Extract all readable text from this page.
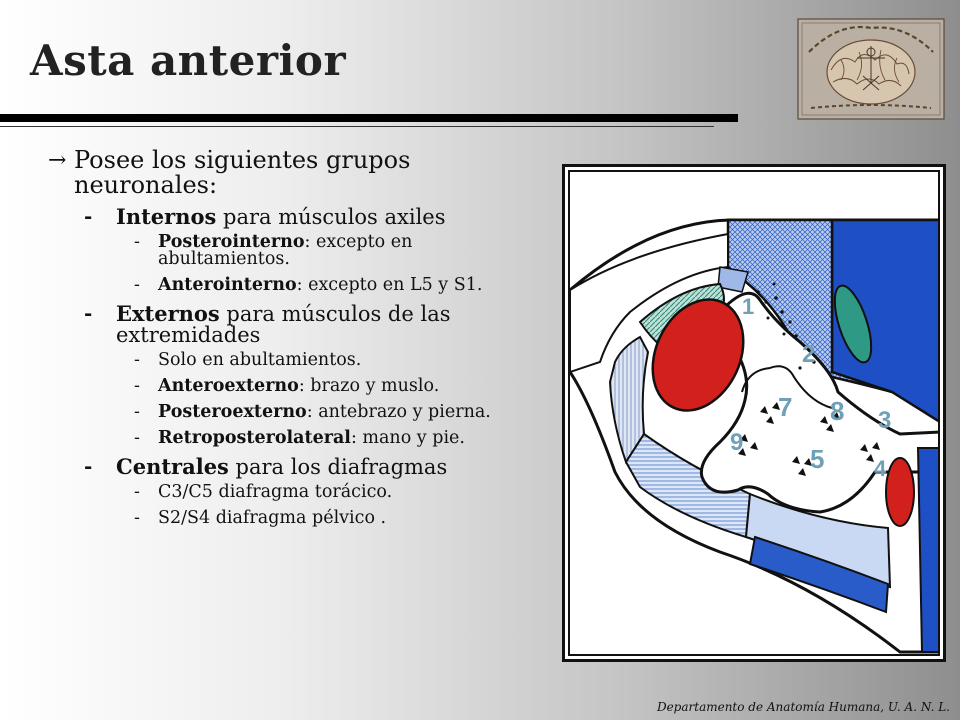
Asta anterior
→ Posee los siguientes grupos neuronales:
- Internos para músculos axiles
- Posterointerno: excepto en abultamientos.
- Anterointerno: excepto en L5 y S1.
- Externos para músculos de las extremidades
- Solo en abultamientos.
- Anteroexterno: brazo y muslo.
- Posteroexterno: antebrazo y pierna.
- Retroposterolateral: mano y pie.
- Centrales para los diafragmas
- C3/C5 diafragma torácico.
- S2/S4 diafragma pélvico .
1
2
7 8 3
9
5 4

Departamento de Anatomía Humana, U. A. N. L.
